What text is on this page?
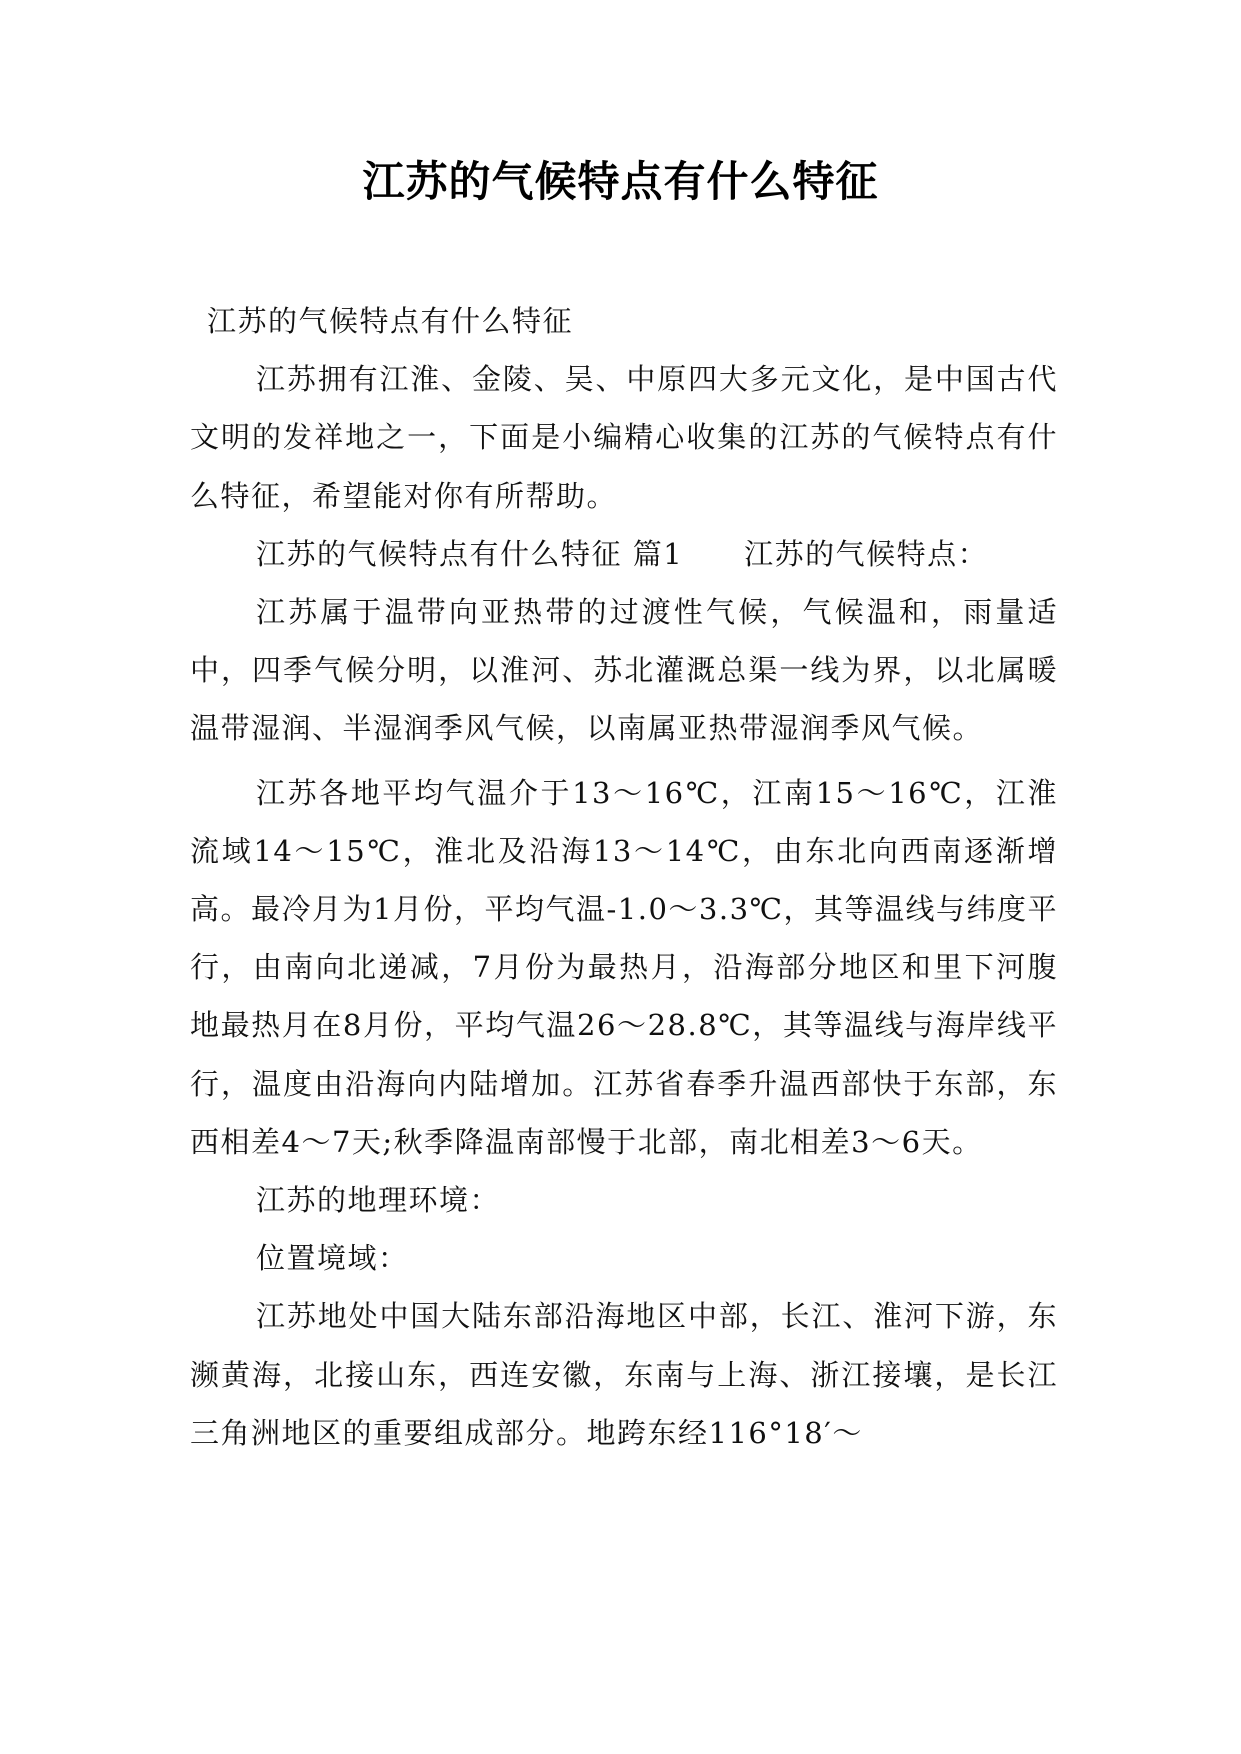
江苏的气候特点有什么特征

江苏的气候特点有什么特征

江苏拥有江淮、金陵、吴、中原四大多元文化，是中国古代文明的发祥地之一，下面是小编精心收集的江苏的气候特点有什么特征，希望能对你有所帮助。

江苏的气候特点有什么特征 篇1　　江苏的气候特点：

江苏属于温带向亚热带的过渡性气候，气候温和，雨量适中，四季气候分明，以淮河、苏北灌溉总渠一线为界，以北属暖温带湿润、半湿润季风气候，以南属亚热带湿润季风气候。

江苏各地平均气温介于13～16℃，江南15～16℃，江淮流域14～15℃，淮北及沿海13～14℃，由东北向西南逐渐增高。最冷月为1月份，平均气温-1.0～3.3℃，其等温线与纬度平行，由南向北递减，7月份为最热月，沿海部分地区和里下河腹地最热月在8月份，平均气温26～28.8℃，其等温线与海岸线平行，温度由沿海向内陆增加。江苏省春季升温西部快于东部，东西相差4～7天;秋季降温南部慢于北部，南北相差3～6天。

江苏的地理环境：

位置境域：

江苏地处中国大陆东部沿海地区中部，长江、淮河下游，东濒黄海，北接山东，西连安徽，东南与上海、浙江接壤，是长江三角洲地区的重要组成部分。地跨东经116°18′～
